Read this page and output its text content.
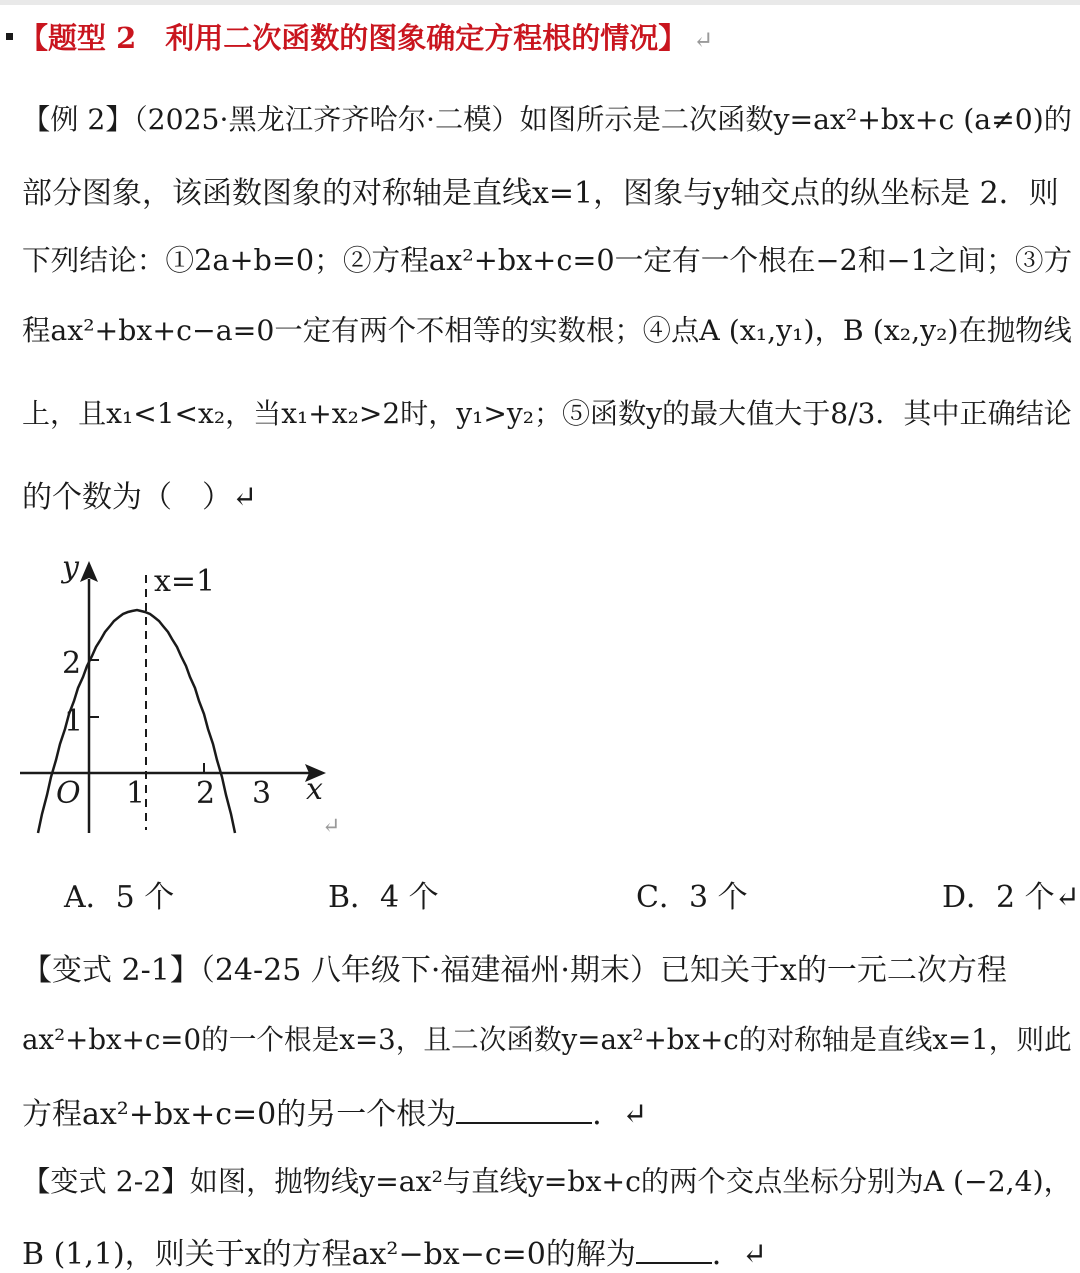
【题型 2　利用二次函数的图象确定方程根的情况】 ↵
【例 2】（2025·黑龙江齐齐哈尔·二模）如图所示是二次函数y=ax²+bx+c (a≠0)的
部分图象，该函数图象的对称轴是直线x=1，图象与y轴交点的纵坐标是 2．则
下列结论：①2a+b=0；②方程ax²+bx+c=0一定有一个根在−2和−1之间；③方
程ax²+bx+c−a=0一定有两个不相等的实数根；④点A (x₁,y₁)，B (x₂,y₂)在抛物线
上，且x₁<1<x₂，当x₁+x₂>2时，y₁>y₂；⑤函数y的最大值大于8/3．其中正确结论
的个数为（　）↵
y	x=1
2
1
O 1 2 3 x
↵
A．5 个	B．4 个	C．3 个	D．2 个↵
【变式 2-1】（24-25 八年级下·福建福州·期末）已知关于x的一元二次方程
ax²+bx+c=0的一个根是x=3，且二次函数y=ax²+bx+c的对称轴是直线x=1，则此
方程ax²+bx+c=0的另一个根为	．↵
【变式 2-2】如图，抛物线y=ax²与直线y=bx+c的两个交点坐标分别为A (−2,4)，
B (1,1)，则关于x的方程ax²−bx−c=0的解为	．↵
